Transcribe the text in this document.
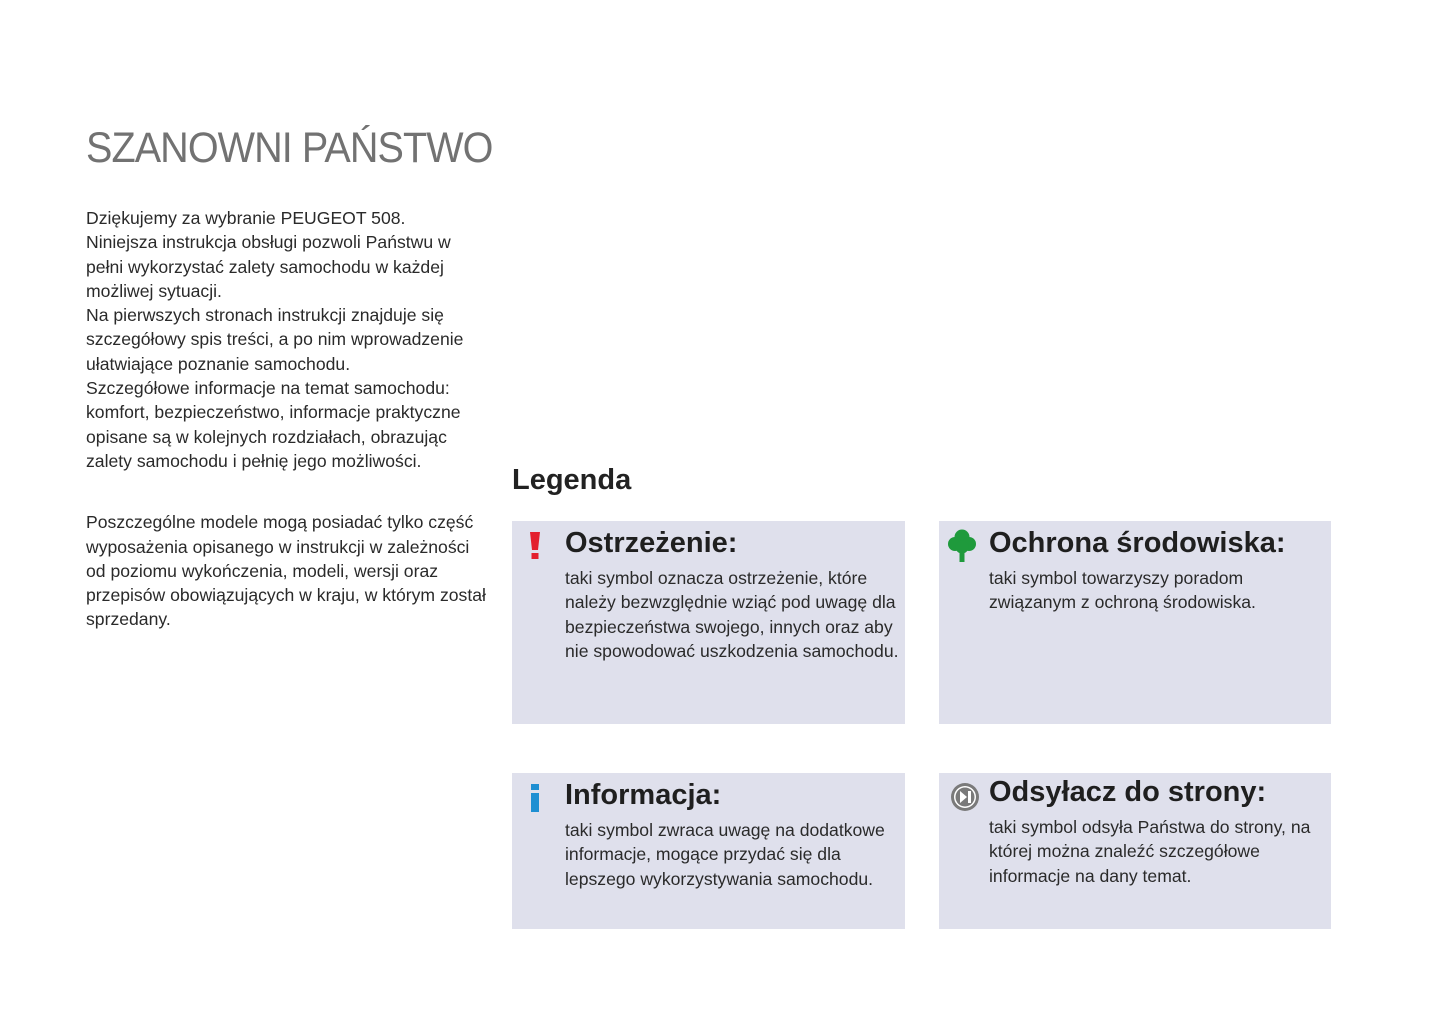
SZANOWNI PAŃSTWO

Dziękujemy za wybranie PEUGEOT 508.
Niniejsza instrukcja obsługi pozwoli Państwu w pełni wykorzystać zalety samochodu w każdej możliwej sytuacji.
Na pierwszych stronach instrukcji znajduje się szczegółowy spis treści, a po nim wprowadzenie ułatwiające poznanie samochodu.
Szczegółowe informacje na temat samochodu: komfort, bezpieczeństwo, informacje praktyczne opisane są w kolejnych rozdziałach, obrazując zalety samochodu i pełnię jego możliwości.

Poszczególne modele mogą posiadać tylko część wyposażenia opisanego w instrukcji w zależności od poziomu wykończenia, modeli, wersji oraz przepisów obowiązujących w kraju, w którym został sprzedany.

Legenda
Ostrzeżenie:

taki symbol oznacza ostrzeżenie, które należy bezwzględnie wziąć pod uwagę dla bezpieczeństwa swojego, innych oraz aby nie spowodować uszkodzenia samochodu.

Ochrona środowiska:

taki symbol towarzyszy poradom związanym z ochroną środowiska.

Informacja:

taki symbol zwraca uwagę na dodatkowe informacje, mogące przydać się dla lepszego wykorzystywania samochodu.

Odsyłacz do strony:

taki symbol odsyła Państwa do strony, na której można znaleźć szczegółowe informacje na dany temat.
